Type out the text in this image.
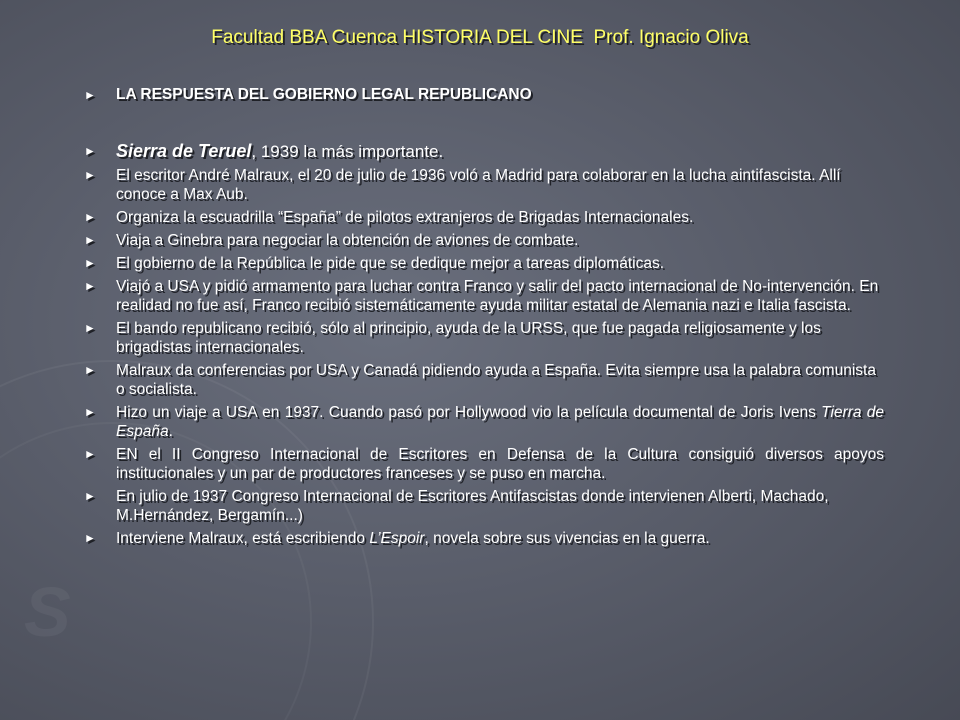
S
Facultad BBA Cuenca HISTORIA DEL CINE  Prof. Ignacio Oliva
►	LA RESPUESTA DEL GOBIERNO LEGAL REPUBLICANO
►	Sierra de Teruel, 1939 la más importante.
►	El escritor André Malraux, el 20 de julio de 1936 voló a Madrid para colaborar en la lucha aintifascista. Allí conoce a Max Aub.
►	Organiza la escuadrilla “España” de pilotos extranjeros de Brigadas Internacionales.
►	Viaja a Ginebra para negociar la obtención de aviones de combate.
►	El gobierno de la República le pide que se dedique mejor a tareas diplomáticas.
►	Viajó a USA y pidió armamento para luchar contra Franco y salir del pacto internacional de No-intervención. En realidad no fue así, Franco recibió sistemáticamente ayuda militar estatal de Alemania nazi e Italia fascista.
►	El bando republicano recibió, sólo al principio, ayuda de la URSS, que fue pagada religiosamente y los brigadistas internacionales.
►	Malraux da conferencias por USA y Canadá pidiendo ayuda a España. Evita siempre usa la palabra comunista o socialista.
►	Hizo un viaje a USA en 1937. Cuando pasó por Hollywood vio la película documental de Joris Ivens Tierra de España.
►	EN el II Congreso Internacional de Escritores en Defensa de la Cultura consiguió diversos apoyos institucionales y un par de productores franceses y se puso en marcha.
►	En julio de 1937 Congreso Internacional de Escritores Antifascistas donde intervienen Alberti, Machado, M.Hernández, Bergamín...)
►	Interviene Malraux, está escribiendo L’Espoir, novela sobre sus vivencias en la guerra.
